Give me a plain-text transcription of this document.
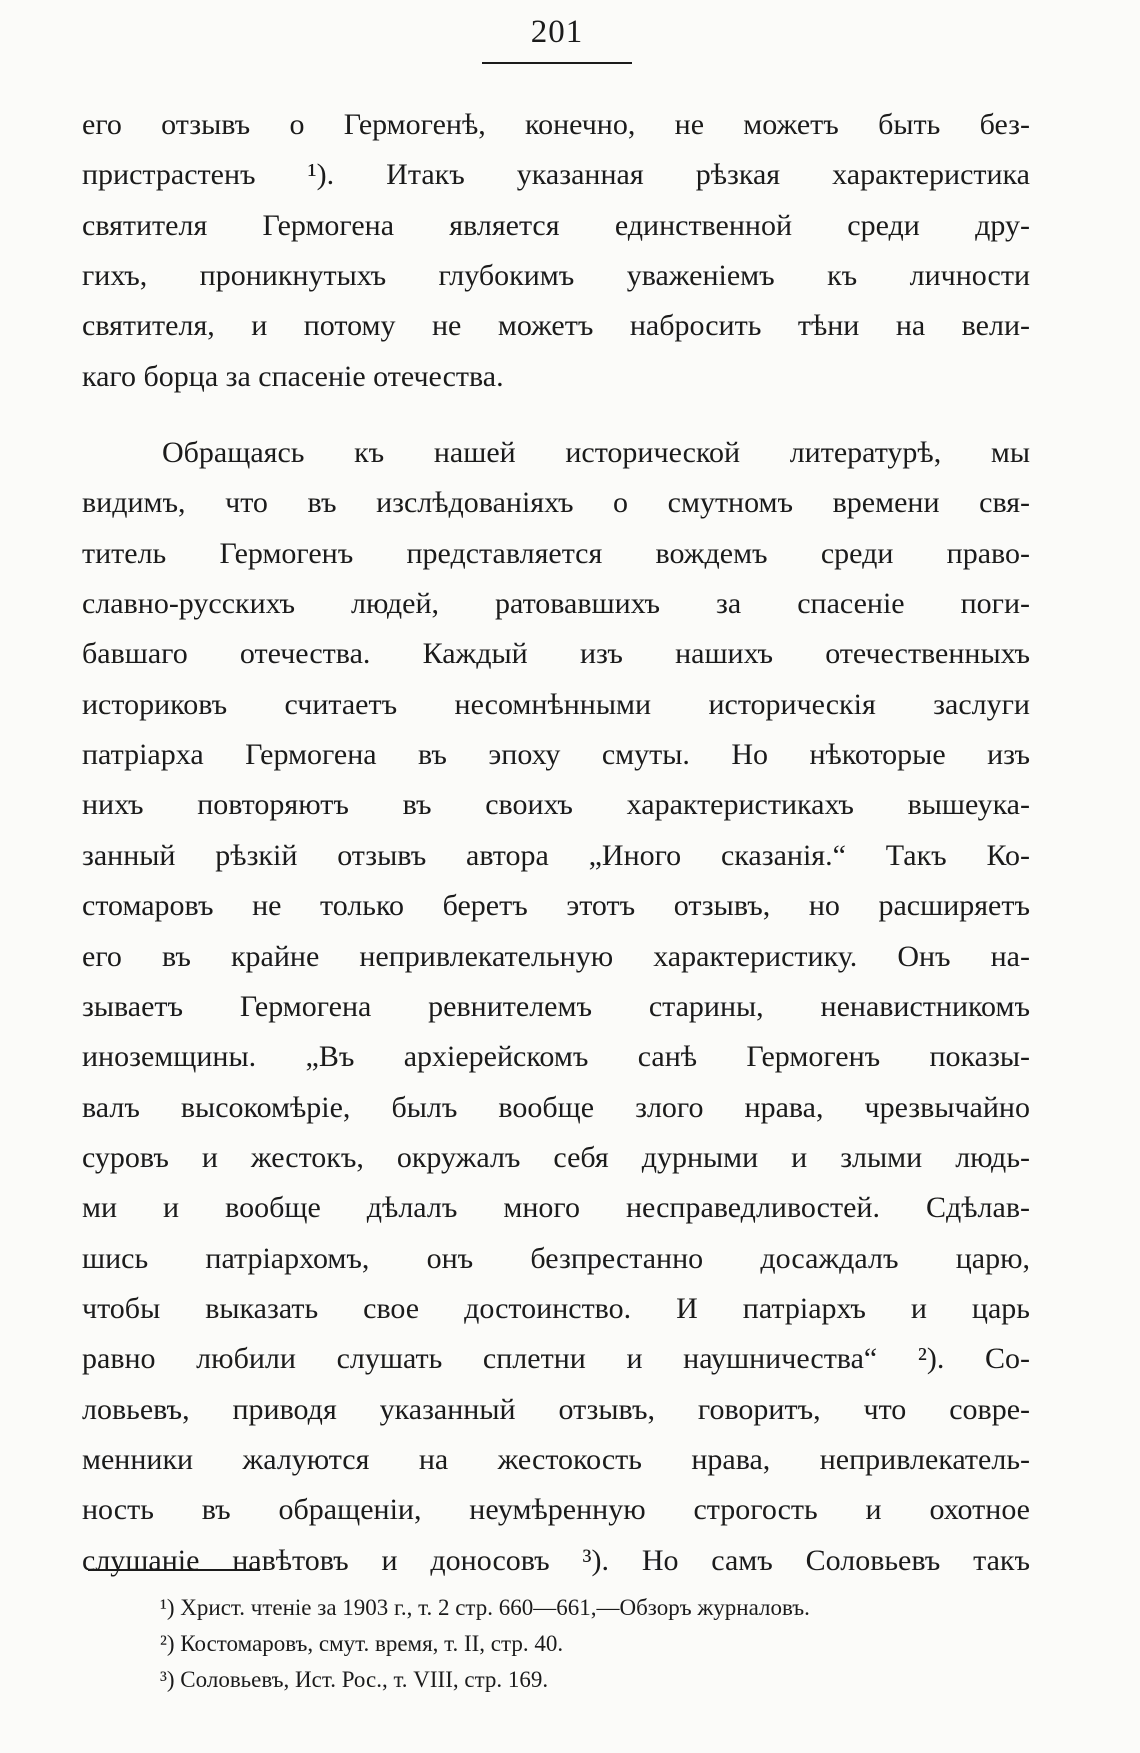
201
его отзывъ о Гермогенѣ, конечно, не можетъ быть без-
пристрастенъ ¹). Итакъ указанная рѣзкая характеристика
святителя Гермогена является единственной среди дру-
гихъ, проникнутыхъ глубокимъ уваженіемъ къ личности
святителя, и потому не можетъ набросить тѣни на вели-
каго борца за спасеніе отечества.
Обращаясь къ нашей исторической литературѣ, мы
видимъ, что въ изслѣдованіяхъ о смутномъ времени свя-
титель Гермогенъ представляется вождемъ среди право-
славно-русскихъ людей, ратовавшихъ за спасеніе поги-
бавшаго отечества. Каждый изъ нашихъ отечественныхъ
историковъ считаетъ несомнѣнными историческія заслуги
патріарха Гермогена въ эпоху смуты. Но нѣкоторые изъ
нихъ повторяютъ въ своихъ характеристикахъ вышеука-
занный рѣзкій отзывъ автора „Иного сказанія.“ Такъ Ко-
стомаровъ не только беретъ этотъ отзывъ, но расширяетъ
его въ крайне непривлекательную характеристику. Онъ на-
зываетъ Гермогена ревнителемъ старины, ненавистникомъ
иноземщины. „Въ архіерейскомъ санѣ Гермогенъ показы-
валъ высокомѣріе, былъ вообще злого нрава, чрезвычайно
суровъ и жестокъ, окружалъ себя дурными и злыми людь-
ми и вообще дѣлалъ много несправедливостей. Сдѣлав-
шись патріархомъ, онъ безпрестанно досаждалъ царю,
чтобы выказать свое достоинство. И патріархъ и царь
равно любили слушать сплетни и наушничества“ ²). Со-
ловьевъ, приводя указанный отзывъ, говоритъ, что совре-
менники жалуются на жестокость нрава, непривлекатель-
ность въ обращеніи, неумѣренную строгость и охотное
слушаніе навѣтовъ и доносовъ ³). Но самъ Соловьевъ такъ
¹) Христ. чтеніе за 1903 г., т. 2 стр. 660—661,—Обзоръ журналовъ.
²) Костомаровъ, смут. время, т. II, стр. 40.
³) Соловьевъ, Ист. Рос., т. VIII, стр. 169.
